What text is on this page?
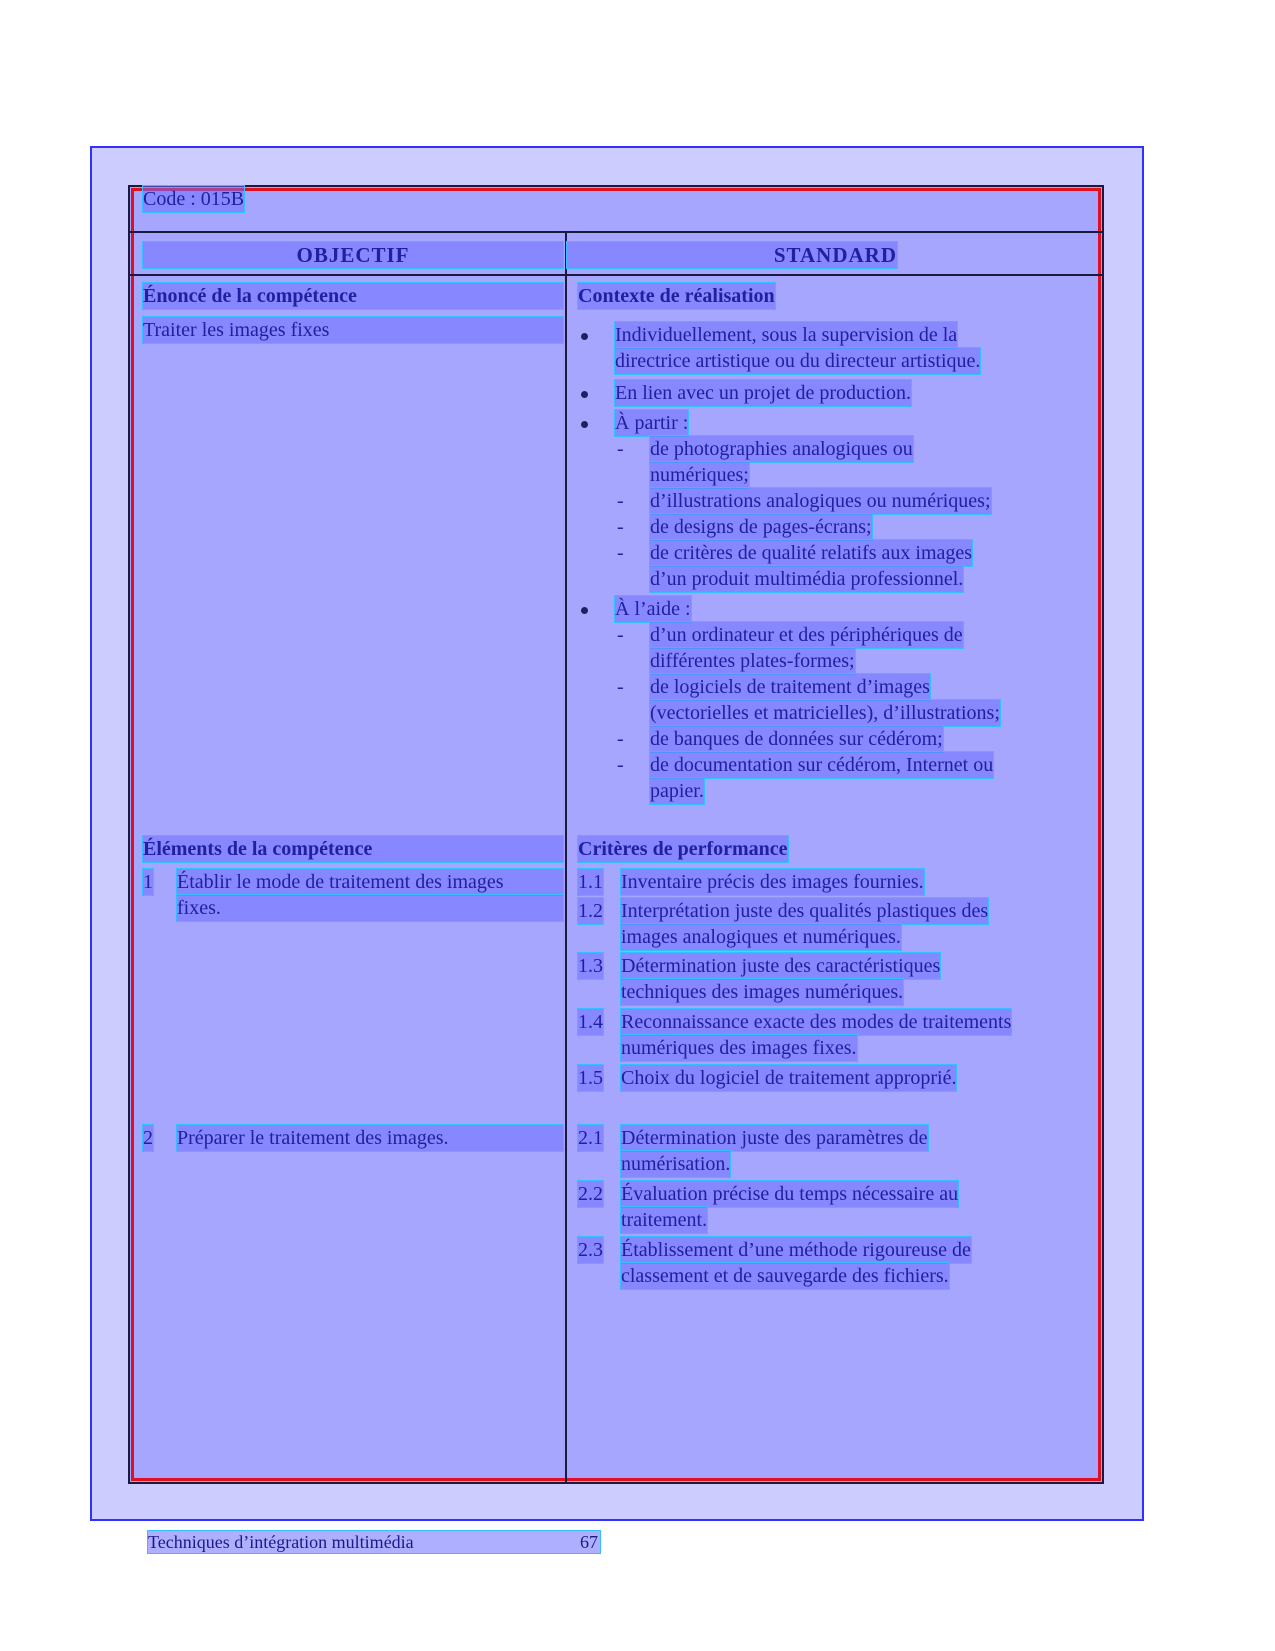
Code : 015B
OBJECTIF	STANDARD
Énoncé de la compétence
Traiter les images fixes
Éléments de la compétence
1 Établir le mode de traitement des images
fixes.
2 Préparer le traitement des images.
Contexte de réalisation
Individuellement, sous la supervision de la
directrice artistique ou du directeur artistique.
En lien avec un projet de production.
À partir :
- de photographies analogiques ou
numériques;
- d’illustrations analogiques ou numériques;
- de designs de pages-écrans;
- de critères de qualité relatifs aux images
d’un produit multimédia professionnel.
À l’aide :
- d’un ordinateur et des périphériques de
différentes plates-formes;
- de logiciels de traitement d’images
(vectorielles et matricielles), d’illustrations;
- de banques de données sur cédérom;
- de documentation sur cédérom, Internet ou
papier.
Critères de performance
1.1 Inventaire précis des images fournies.
1.2 Interprétation juste des qualités plastiques des
images analogiques et numériques.
1.3 Détermination juste des caractéristiques
techniques des images numériques.
1.4 Reconnaissance exacte des modes de traitements
numériques des images fixes.
1.5 Choix du logiciel de traitement approprié.
2.1 Détermination juste des paramètres de
numérisation.
2.2 Évaluation précise du temps nécessaire au
traitement.
2.3 Établissement d’une méthode rigoureuse de
classement et de sauvegarde des fichiers.
Techniques d’intégration multimédia	67
